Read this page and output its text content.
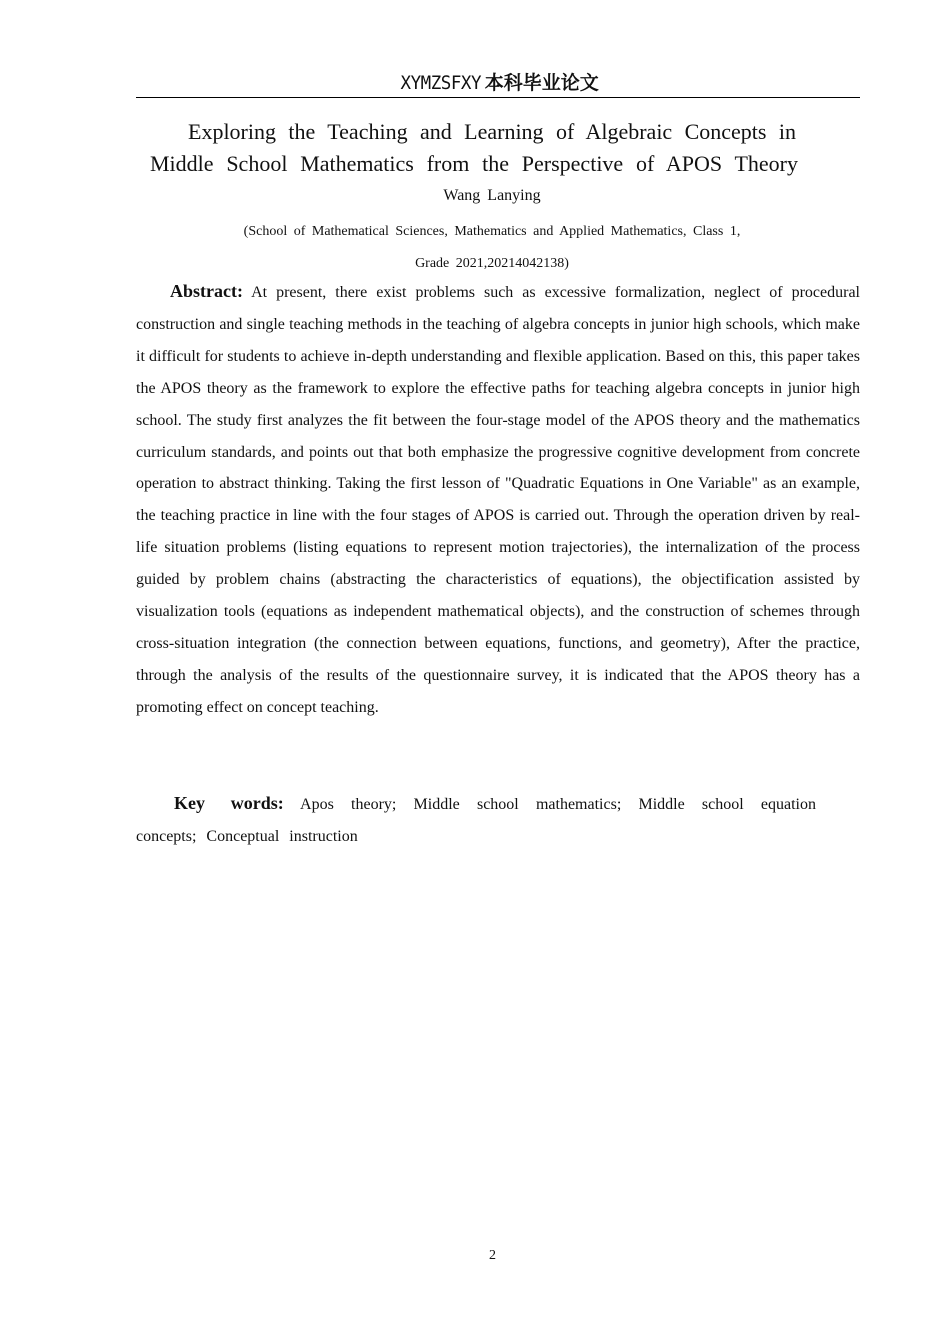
XYMZSFXY 本科毕业论文
Exploring the Teaching and Learning of Algebraic Concepts in
Middle School Mathematics from the Perspective of APOS Theory
Wang Lanying
(School of Mathematical Sciences, Mathematics and Applied Mathematics, Class 1,
Grade 2021,20214042138)

Abstract: At present, there exist problems such as excessive formalization, neglect of procedural construction and single teaching methods in the teaching of algebra concepts in junior high schools, which make it difficult for students to achieve in-depth understanding and flexible application. Based on this, this paper takes the APOS theory as the framework to explore the effective paths for teaching algebra concepts in junior high school. The study first analyzes the fit between the four-stage model of the APOS theory and the mathematics curriculum standards, and points out that both emphasize the progressive cognitive development from concrete operation to abstract thinking. Taking the first lesson of "Quadratic Equations in One Variable" as an example, the teaching practice in line with the four stages of APOS is carried out. Through the operation driven by real-life situation problems (listing equations to represent motion trajectories), the internalization of the process guided by problem chains (abstracting the characteristics of equations), the objectification assisted by visualization tools (equations as independent mathematical objects), and the construction of schemes through cross-situation integration (the connection between equations, functions, and geometry), After the practice, through the analysis of the results of the questionnaire survey, it is indicated that the APOS theory has a promoting effect on concept teaching.

Key words: Apos theory; Middle school mathematics; Middle school equation concepts; Conceptual instruction

2
